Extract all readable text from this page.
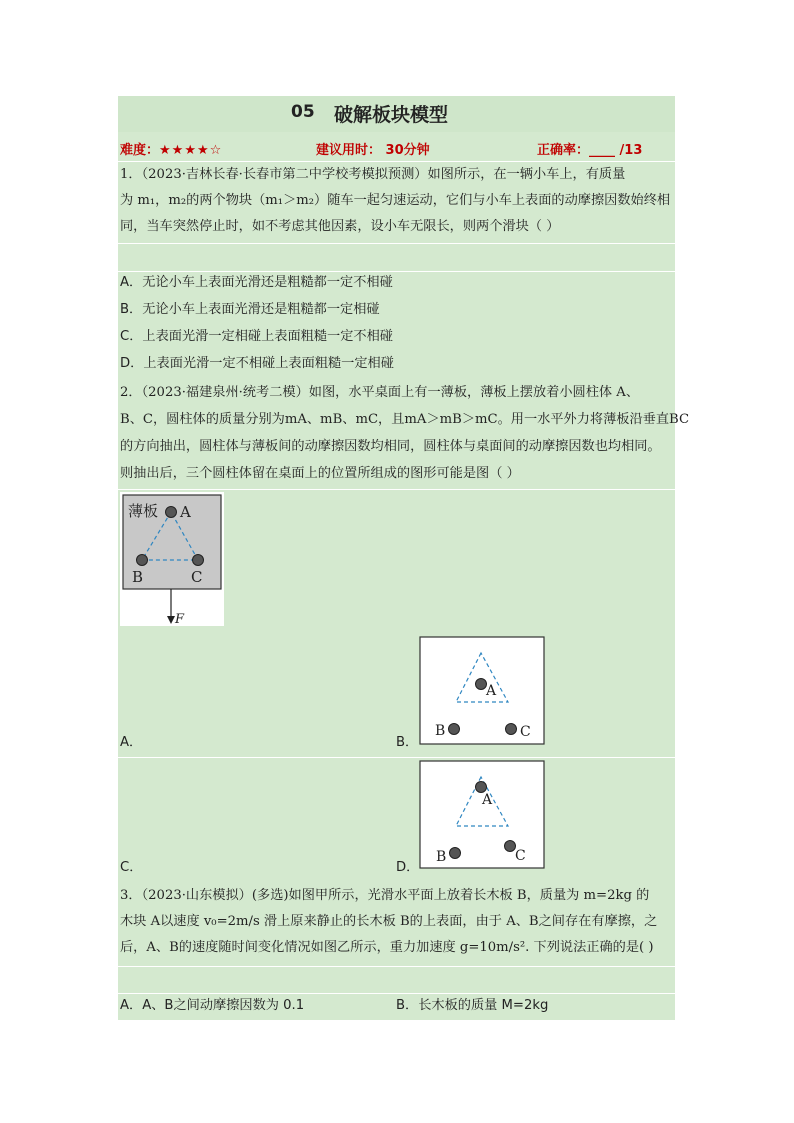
05 破解板块模型
难度：★★★★☆	建议用时： 30分钟	正确率：____ /13
1．（2023·吉林长春·长春市第二中学校考模拟预测）如图所示，在一辆小车上，有质量
为 m₁，m₂的两个物块（m₁＞m₂）随车一起匀速运动，它们与小车上表面的动摩擦因数始终相
同，当车突然停止时，如不考虑其他因素，设小车无限长，则两个滑块（ ）
A．无论小车上表面光滑还是粗糙都一定不相碰
B．无论小车上表面光滑还是粗糙都一定相碰
C．上表面光滑一定相碰上表面粗糙一定不相碰
D．上表面光滑一定不相碰上表面粗糙一定相碰
2．（2023·福建泉州·统考二模）如图，水平桌面上有一薄板，薄板上摆放着小圆柱体 A、
B、C，圆柱体的质量分别为mA、mB、mC，且mA＞mB＞mC。用一水平外力将薄板沿垂直BC
的方向抽出，圆柱体与薄板间的动摩擦因数均相同，圆柱体与桌面间的动摩擦因数也均相同。
则抽出后，三个圆柱体留在桌面上的位置所组成的图形可能是图（ ）
薄板 A
B	C
F
A．	B．
C．	D．
A
B	C
A
B	C
3．（2023·山东模拟）(多选)如图甲所示，光滑水平面上放着长木板 B，质量为 m=2kg 的
木块 A以速度 v₀=2m/s 滑上原来静止的长木板 B的上表面，由于 A、B之间存在有摩擦，之
后，A、B的速度随时间变化情况如图乙所示，重力加速度 g=10m/s². 下列说法正确的是( )
A．A、B之间动摩擦因数为 0.1	B．长木板的质量 M=2kg
